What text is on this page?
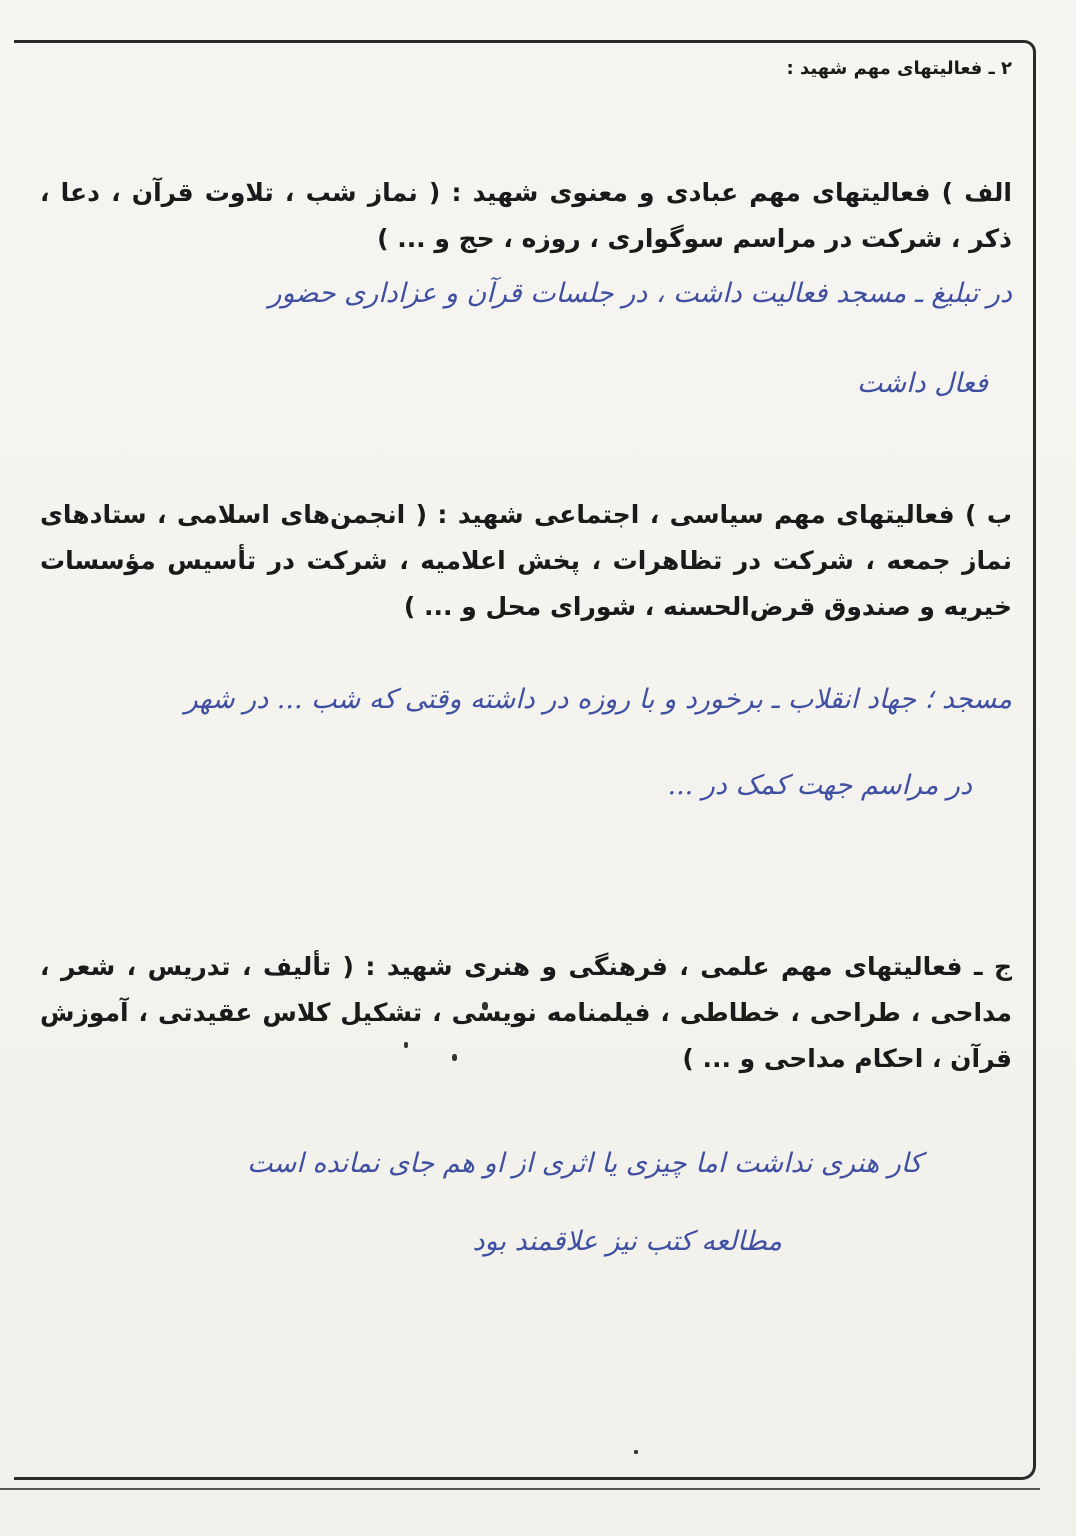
۲ ـ فعالیتهای مهم شهید :

الف ) فعالیتهای مهم عبادی و معنوی شهید : ( نماز شب ، تلاوت قرآن ، دعا ، ذکر ، شرکت در مراسم سوگواری ، روزه ، حج و ... )

در تبلیغ ـ مسجد فعالیت داشت ، در جلسات قرآن و عزاداری حضور
فعال داشت

ب ) فعالیتهای مهم سیاسی ، اجتماعی شهید : ( انجمن‌های اسلامی ، ستادهای نماز جمعه ، شرکت در تظاهرات ، پخش اعلامیه ، شرکت در تأسیس مؤسسات خیریه و صندوق قرض‌الحسنه ، شورای محل و ... )

مسجد ؛ جهاد انقلاب ـ برخورد و با روزه در داشته وقتی که شب ... در شهر
در مراسم جهت کمک در ...

ج ـ فعالیتهای مهم علمی ، فرهنگی و هنری شهید : ( تألیف ، تدریس ، شعر ، مداحی ، طراحی ، خطاطی ، فیلمنامه نویسی ، تشکیل کلاس عقیدتی ، آموزش قرآن ، احکام مداحی و ... )

کار هنری نداشت اما چیزی یا اثری از او هم جای نمانده است
مطالعه کتب نیز علاقمند بود
